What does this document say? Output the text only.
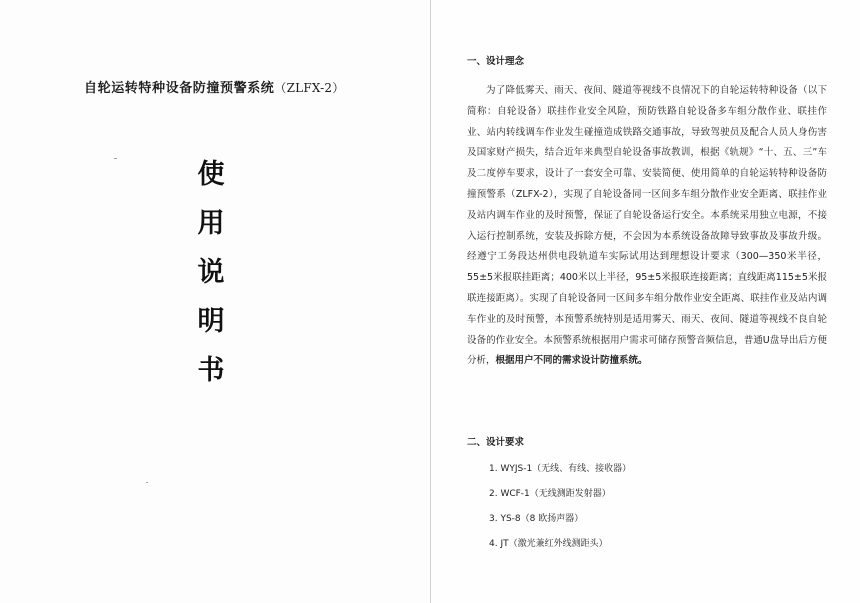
自轮运转特种设备防撞预警系统（ZLFX-2）
使
用
说
明
书
一、设计理念
为了降低雾天、雨天、夜间、隧道等视线不良情况下的自轮运转特种设备（以下简称：自轮设备）联挂作业安全风险，预防铁路自轮设备多车组分散作业、联挂作业、站内转线调车作业发生碰撞造成铁路交通事故，导致驾驶员及配合人员人身伤害及国家财产损失，结合近年来典型自轮设备事故教训，根据《轨规》“十、五、三”车及二度停车要求，设计了一套安全可靠、安装简便、使用简单的自轮运转特种设备防撞预警系（ZLFX-2），实现了自轮设备同一区间多车组分散作业安全距离、联挂作业及站内调车作业的及时预警，保证了自轮设备运行安全。本系统采用独立电源，不接入运行控制系统，安装及拆除方便，不会因为本系统设备故障导致事故及事故升级。经遵宁工务段达州供电段轨道车实际试用达到理想设计要求（300—350米半径，55±5米报联挂距离；400米以上半径，95±5米报联连接距离；直线距离115±5米报联连接距离）。实现了自轮设备同一区间多车组分散作业安全距离、联挂作业及站内调车作业的及时预警，本预警系统特别是适用雾天、雨天、夜间、隧道等视线不良自轮设备的作业安全。本预警系统根据用户需求可储存预警音频信息，普通U盘导出后方便分析，根据用户不同的需求设计防撞系统。
二、设计要求
1. WYJS-1（无线、有线、接收器）
2. WCF-1（无线测距发射器）
3. YS-8（8 欧扬声器）
4. JT（激光兼红外线测距头）
